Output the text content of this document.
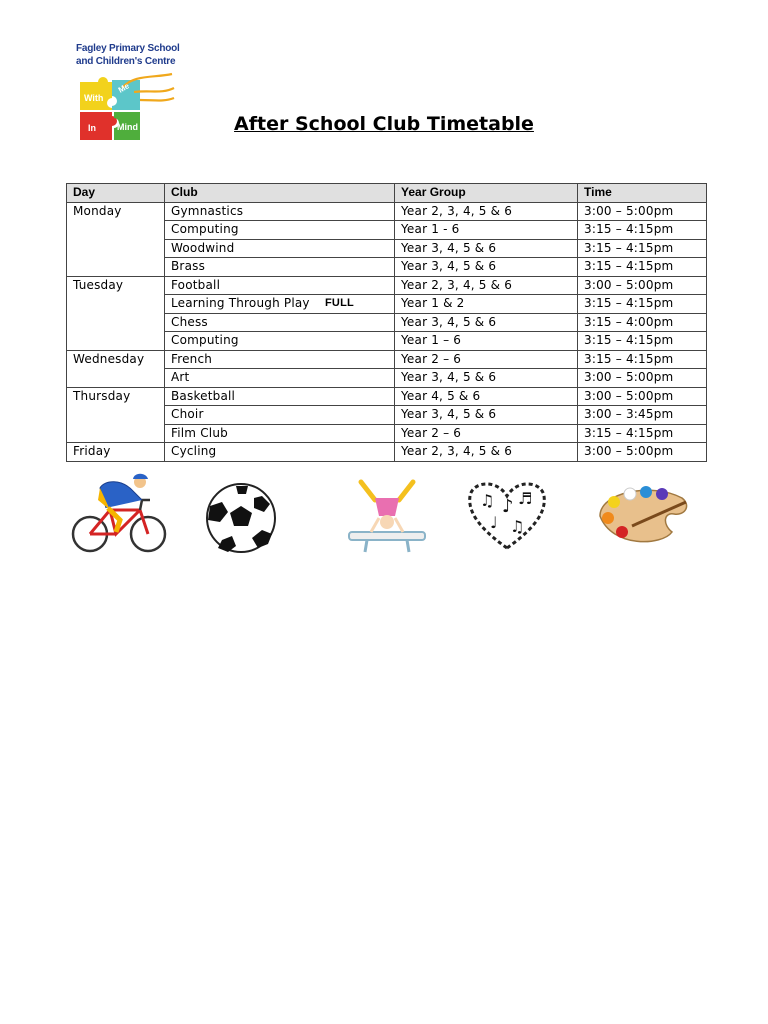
Fagley Primary School
and Children's Centre
With
Me
In Mind	After School Club Timetable
Day	Club	Year Group	Time
Monday	Gymnastics	Year 2, 3, 4, 5 & 6	3:00 – 5:00pm
	Computing	Year 1 - 6	3:15 – 4:15pm
	Woodwind	Year 3, 4, 5 & 6	3:15 – 4:15pm
	Brass	Year 3, 4, 5 & 6	3:15 – 4:15pm
Tuesday	Football	Year 2, 3, 4, 5 & 6	3:00 – 5:00pm
	Learning Through Play FULL	Year 1 & 2	3:15 – 4:15pm
	Chess	Year 3, 4, 5 & 6	3:15 – 4:00pm
	Computing	Year 1 – 6	3:15 – 4:15pm
Wednesday	French	Year 2 – 6	3:15 – 4:15pm
	Art	Year 3, 4, 5 & 6	3:00 – 5:00pm
Thursday	Basketball	Year 4, 5 & 6	3:00 – 5:00pm
	Choir	Year 3, 4, 5 & 6	3:00 – 3:45pm
	Film Club	Year 2 – 6	3:15 – 4:15pm
Friday	Cycling	Year 2, 3, 4, 5 & 6	3:00 – 5:00pm
♫ ♪ ♬
♩ ♫
